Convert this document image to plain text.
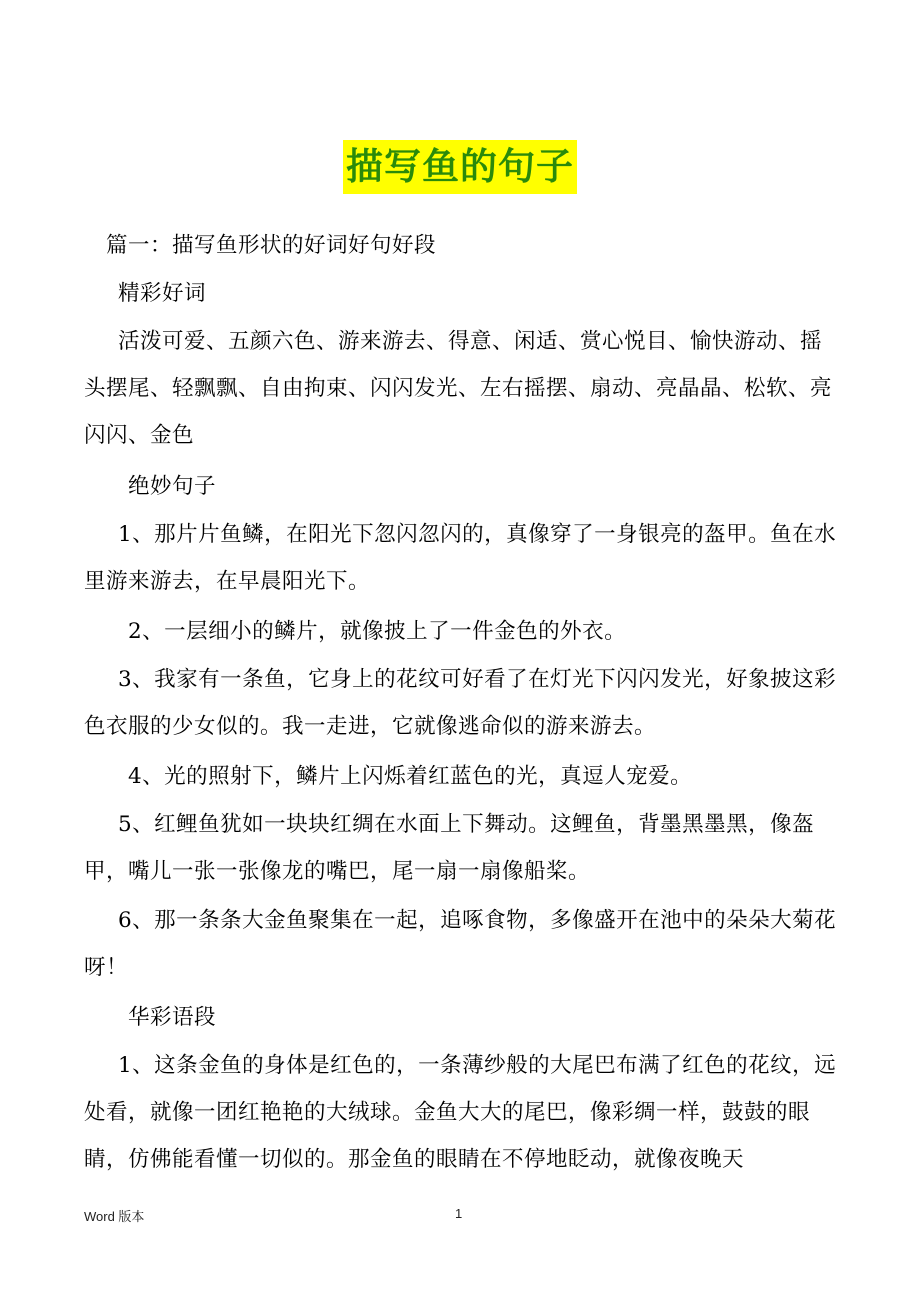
描写鱼的句子

篇一：描写鱼形状的好词好句好段

精彩好词

活泼可爱、五颜六色、游来游去、得意、闲适、赏心悦目、愉快游动、摇头摆尾、轻飘飘、自由拘束、闪闪发光、左右摇摆、扇动、亮晶晶、松软、亮闪闪、金色

绝妙句子

1、那片片鱼鳞，在阳光下忽闪忽闪的，真像穿了一身银亮的盔甲。鱼在水里游来游去，在早晨阳光下。

2、一层细小的鳞片，就像披上了一件金色的外衣。

3、我家有一条鱼，它身上的花纹可好看了在灯光下闪闪发光，好象披这彩色衣服的少女似的。我一走进，它就像逃命似的游来游去。

4、光的照射下，鳞片上闪烁着红蓝色的光，真逗人宠爱。

5、红鲤鱼犹如一块块红绸在水面上下舞动。这鲤鱼，背墨黑墨黑，像盔甲，嘴儿一张一张像龙的嘴巴，尾一扇一扇像船桨。

6、那一条条大金鱼聚集在一起，追啄食物，多像盛开在池中的朵朵大菊花呀！

华彩语段

1、这条金鱼的身体是红色的，一条薄纱般的大尾巴布满了红色的花纹，远处看，就像一团红艳艳的大绒球。金鱼大大的尾巴，像彩绸一样，鼓鼓的眼睛，仿佛能看懂一切似的。那金鱼的眼睛在不停地眨动，就像夜晚天

Word 版本	1
